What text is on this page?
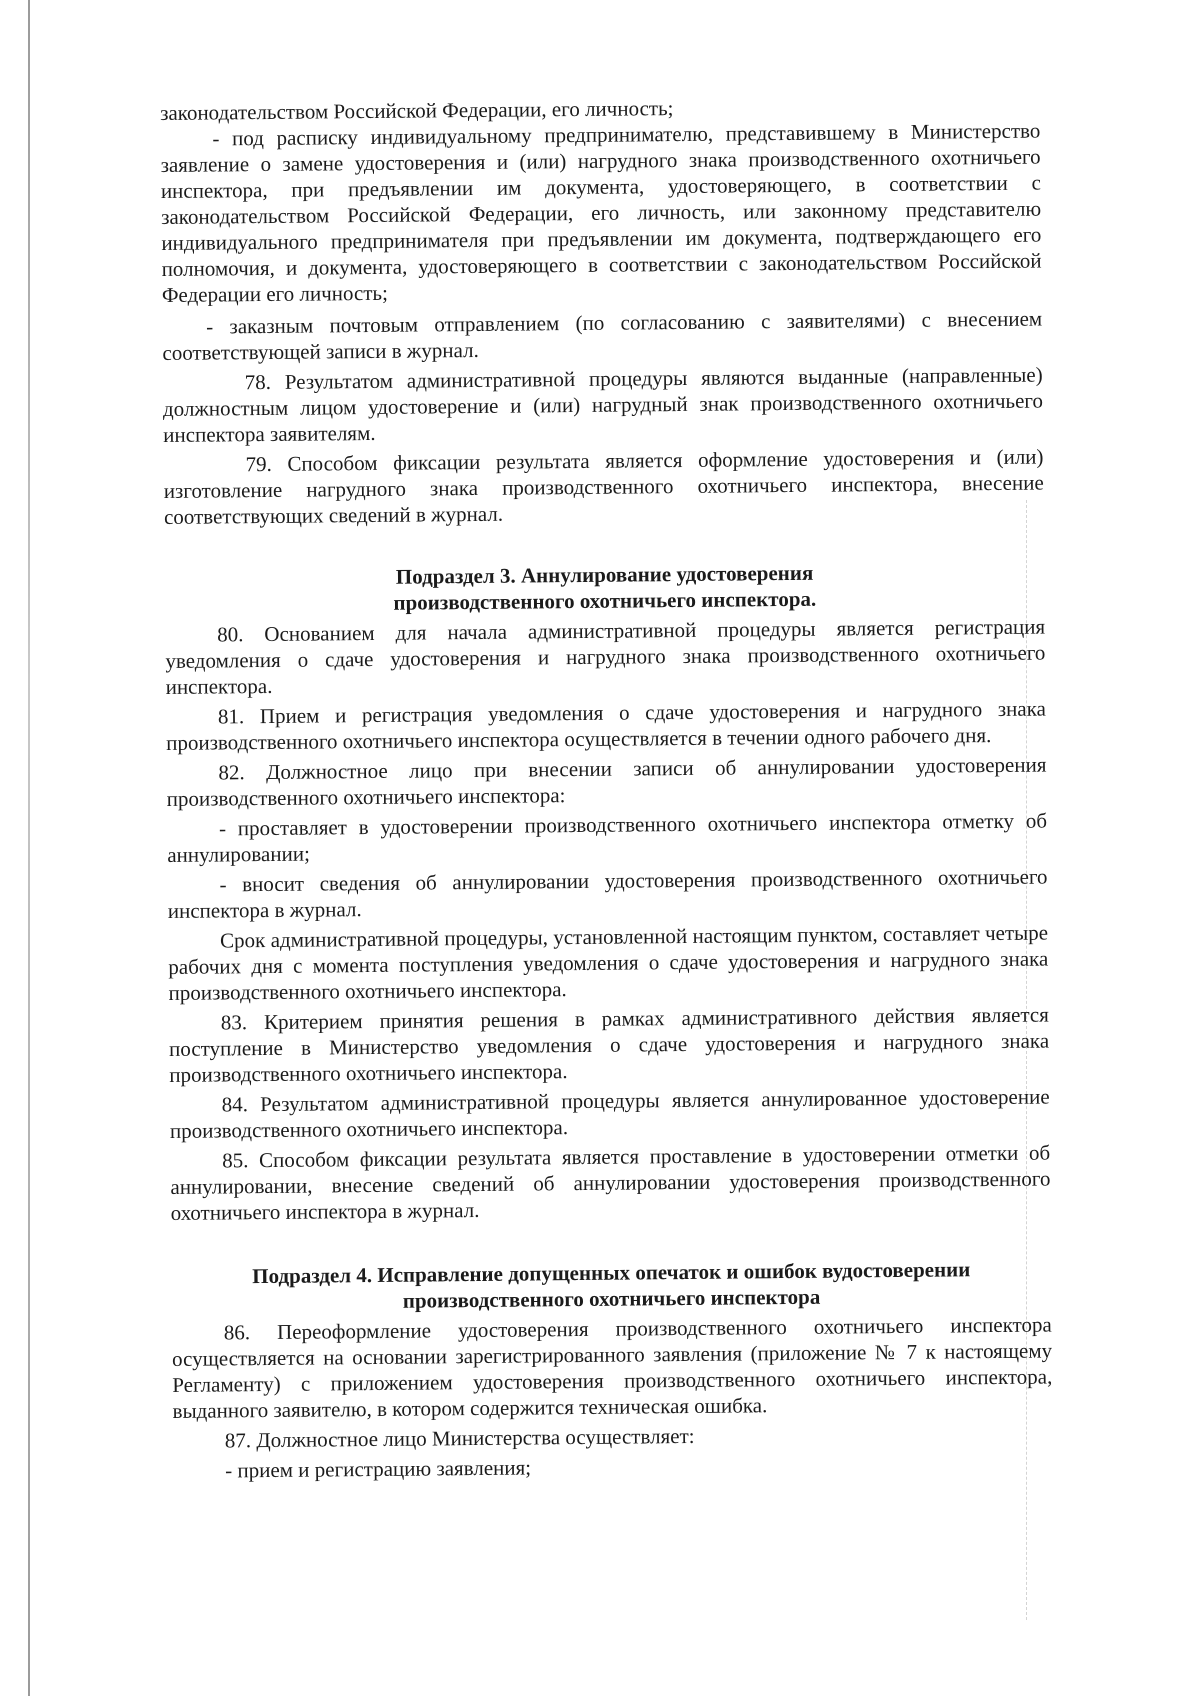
законодательством Российской Федерации, его личность;

- под расписку индивидуальному предпринимателю, представившему в Министерство заявление о замене удостоверения и (или) нагрудного знака производственного охотничьего инспектора, при предъявлении им документа, удостоверяющего, в соответствии с законодательством Российской Федерации, его личность, или законному представителю индивидуального предпринимателя при предъявлении им документа, подтверждающего его полномочия, и документа, удостоверяющего в соответствии с законодательством Российской Федерации его личность;

- заказным почтовым отправлением (по согласованию с заявителями) с внесением соответствующей записи в журнал.

78. Результатом административной процедуры являются выданные (направленные) должностным лицом удостоверение и (или) нагрудный знак производственного охотничьего инспектора заявителям.

79. Способом фиксации результата является оформление удостоверения и (или) изготовление нагрудного знака производственного охотничьего инспектора, внесение соответствующих сведений в журнал.

Подраздел 3. Аннулирование удостоверения
производственного охотничьего инспектора.

80. Основанием для начала административной процедуры является регистрация уведомления о сдаче удостоверения и нагрудного знака производственного охотничьего инспектора.

81. Прием и регистрация уведомления о сдаче удостоверения и нагрудного знака производственного охотничьего инспектора осуществляется в течении одного рабочего дня.

82. Должностное лицо при внесении записи об аннулировании удостоверения производственного охотничьего инспектора:

- проставляет в удостоверении производственного охотничьего инспектора отметку об аннулировании;

- вносит сведения об аннулировании удостоверения производственного охотничьего инспектора в журнал.

Срок административной процедуры, установленной настоящим пунктом, составляет четыре рабочих дня с момента поступления уведомления о сдаче удостоверения и нагрудного знака производственного охотничьего инспектора.

83. Критерием принятия решения в рамках административного действия является поступление в Министерство уведомления о сдаче удостоверения и нагрудного знака производственного охотничьего инспектора.

84. Результатом административной процедуры является аннулированное удостоверение производственного охотничьего инспектора.

85. Способом фиксации результата является проставление в удостоверении отметки об аннулировании, внесение сведений об аннулировании удостоверения производственного охотничьего инспектора в журнал.

Подраздел 4. Исправление допущенных опечаток и ошибок вудостоверении
производственного охотничьего инспектора

86. Переоформление удостоверения производственного охотничьего инспектора осуществляется на основании зарегистрированного заявления (приложение № 7 к настоящему Регламенту) с приложением удостоверения производственного охотничьего инспектора, выданного заявителю, в котором содержится техническая ошибка.

87. Должностное лицо Министерства осуществляет:

- прием и регистрацию заявления;
